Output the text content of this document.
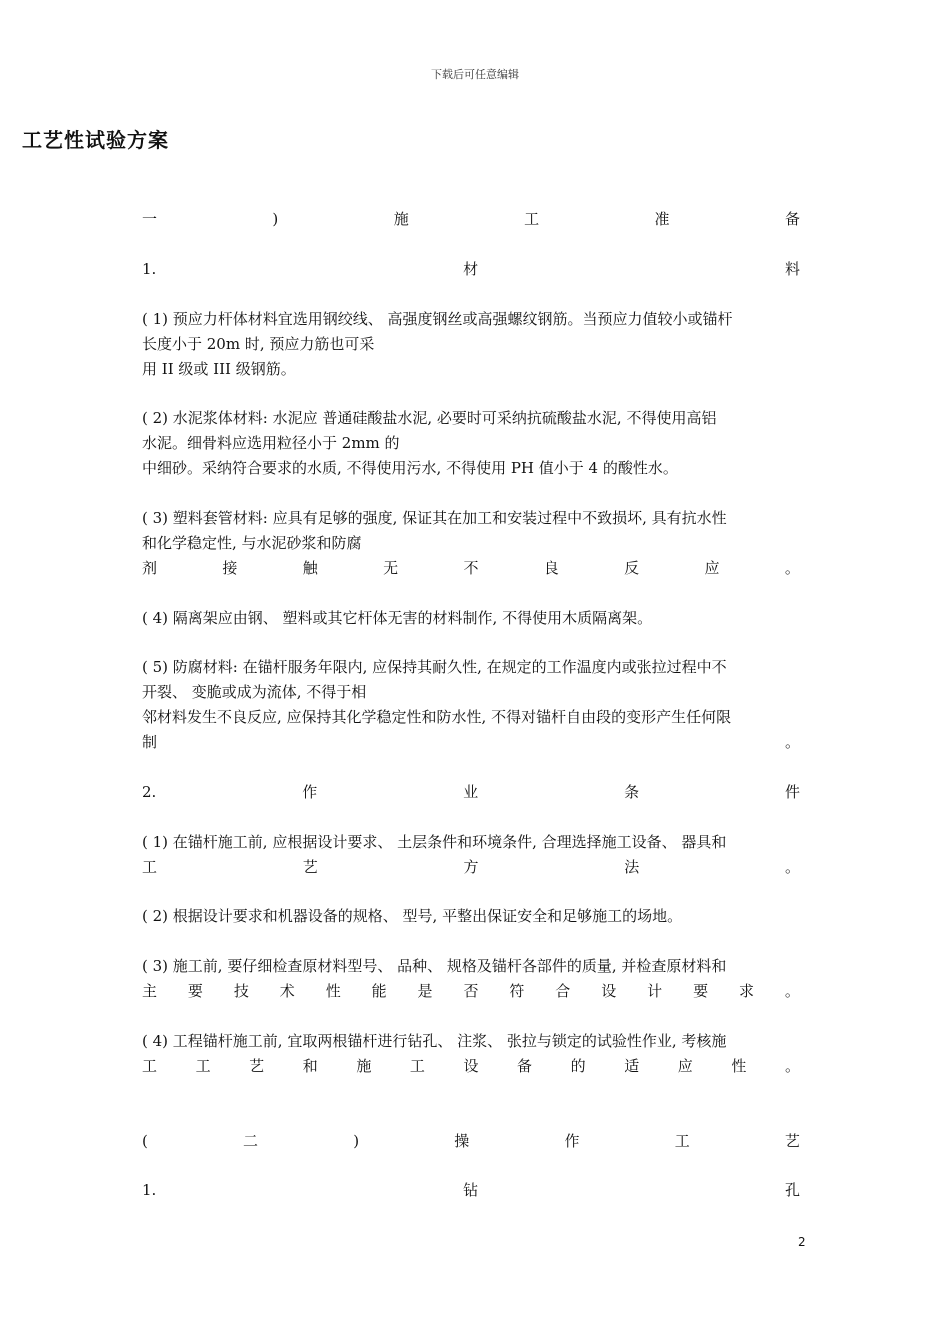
下载后可任意编辑
工艺性试验方案
一	)	施	工	准	备
1.	材	料
( 1) 预应力杆体材料宜选用钢绞线、 高强度钢丝或高强螺纹钢筋。当预应力值较小或锚杆
长度小于 20m 时, 预应力筋也可采
用 II 级或 III 级钢筋。
( 2) 水泥浆体材料: 水泥应 普通硅酸盐水泥, 必要时可采纳抗硫酸盐水泥, 不得使用高铝
水泥。细骨料应选用粒径小于 2mm 的
中细砂。采纳符合要求的水质, 不得使用污水, 不得使用 PH 值小于 4 的酸性水。
( 3) 塑料套管材料: 应具有足够的强度, 保证其在加工和安装过程中不致损坏, 具有抗水性
和化学稳定性, 与水泥砂浆和防腐
剂	接	触	无	不	良	反	应	。
( 4) 隔离架应由钢、 塑料或其它杆体无害的材料制作, 不得使用木质隔离架。
( 5) 防腐材料: 在锚杆服务年限内, 应保持其耐久性, 在规定的工作温度内或张拉过程中不
开裂、 变脆或成为流体, 不得于相
邻材料发生不良反应, 应保持其化学稳定性和防水性, 不得对锚杆自由段的变形产生任何限
制	。
2.	作	业	条	件
( 1) 在锚杆施工前, 应根据设计要求、 土层条件和环境条件, 合理选择施工设备、 器具和
工	艺	方	法	。
( 2) 根据设计要求和机器设备的规格、 型号, 平整出保证安全和足够施工的场地。
( 3) 施工前, 要仔细检查原材料型号、 品种、 规格及锚杆各部件的质量, 并检查原材料和
主 要 技 术 性 能 是 否 符 合 设 计 要 求 。
( 4) 工程锚杆施工前, 宜取两根锚杆进行钻孔、 注浆、 张拉与锁定的试验性作业, 考核施
工	工	艺	和	施	工	设	备	的	适	应	性	。
(	二	)	操	作	工	艺
1.	钻	孔
2
